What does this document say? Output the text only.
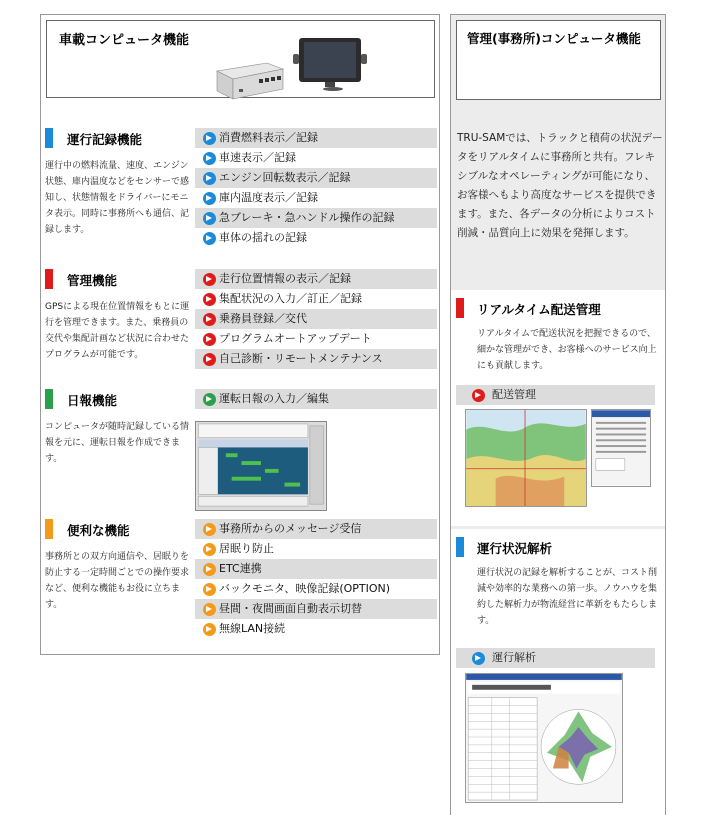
車載コンピュータ機能
運行記録機能
運行中の燃料流量、速度、エンジン状態、庫内温度などをセンサーで感知し、状態情報をドライバーにモニタ表示。同時に事務所へも通信、記録します。
消費燃料表示／記録
車速表示／記録
エンジン回転数表示／記録
庫内温度表示／記録
急ブレーキ・急ハンドル操作の記録
車体の揺れの記録
管理機能
GPSによる現在位置情報をもとに運行を管理できます。また、乗務員の交代や集配計画など状況に合わせたプログラムが可能です。
走行位置情報の表示／記録
集配状況の入力／訂正／記録
乗務員登録／交代
プログラムオートアップデート
自己診断・リモートメンテナンス
日報機能
コンピュータが随時記録している情報を元に、運転日報を作成できます。
運転日報の入力／編集
便利な機能
事務所との双方向通信や、居眠りを防止する一定時間ごとでの操作要求など、便利な機能もお役に立ちます。
事務所からのメッセージ受信
居眠り防止
ETC連携
バックモニタ、映像記録(OPTION)
昼間・夜間画面自動表示切替
無線LAN接続
管理(事務所)コンピュータ機能
TRU-SAMでは、トラックと積荷の状況データをリアルタイムに事務所と共有。フレキシブルなオペレーティングが可能になり、お客様へもより高度なサービスを提供できます。また、各データの分析によりコスト削減・品質向上に効果を発揮します。
リアルタイム配送管理
リアルタイムで配送状況を把握できるので、細かな管理ができ、お客様へのサービス向上にも貢献します。
配送管理
運行状況解析
運行状況の記録を解析することが、コスト削減や効率的な業務への第一歩。ノウハウを集約した解析力が物流経営に革新をもたらします。
運行解析
